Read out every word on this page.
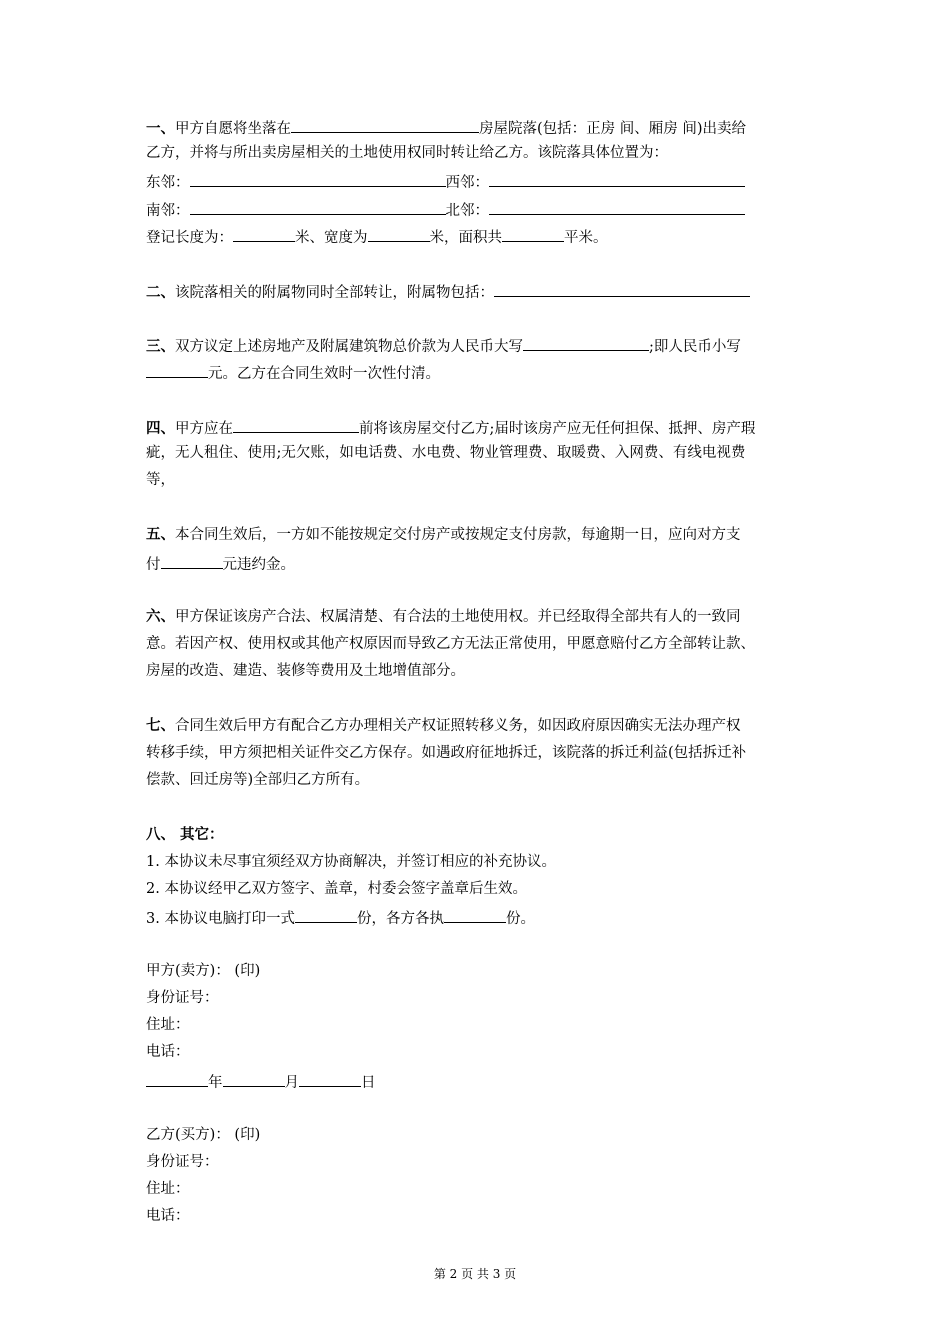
一、甲方自愿将坐落在	房屋院落(包括：正房 间、厢房 间)出卖给
乙方，并将与所出卖房屋相关的土地使用权同时转让给乙方。该院落具体位置为：
东邻：	西邻：
南邻：	北邻：
登记长度为：	米、宽度为	米，面积共	平米。
二、该院落相关的附属物同时全部转让，附属物包括：
三、双方议定上述房地产及附属建筑物总价款为人民币大写	;即人民币小写
元。乙方在合同生效时一次性付清。
四、甲方应在	前将该房屋交付乙方;届时该房产应无任何担保、抵押、房产瑕
疵，无人租住、使用;无欠账，如电话费、水电费、物业管理费、取暖费、入网费、有线电视费
等，
五、本合同生效后，一方如不能按规定交付房产或按规定支付房款，每逾期一日，应向对方支
付	元违约金。
六、甲方保证该房产合法、权属清楚、有合法的土地使用权。并已经取得全部共有人的一致同
意。若因产权、使用权或其他产权原因而导致乙方无法正常使用，甲愿意赔付乙方全部转让款、
房屋的改造、建造、装修等费用及土地增值部分。
七、合同生效后甲方有配合乙方办理相关产权证照转移义务，如因政府原因确实无法办理产权
转移手续，甲方须把相关证件交乙方保存。如遇政府征地拆迁，该院落的拆迁利益(包括拆迁补
偿款、回迁房等)全部归乙方所有。
八、 其它：
1. 本协议未尽事宜须经双方协商解决，并签订相应的补充协议。
2. 本协议经甲乙双方签字、盖章，村委会签字盖章后生效。
3. 本协议电脑打印一式	份，各方各执	份。
甲方(卖方)： (印)
身份证号：
住址：
电话：
年	月	日
乙方(买方)： (印)
身份证号：
住址：
电话：
第 2 页 共 3 页
